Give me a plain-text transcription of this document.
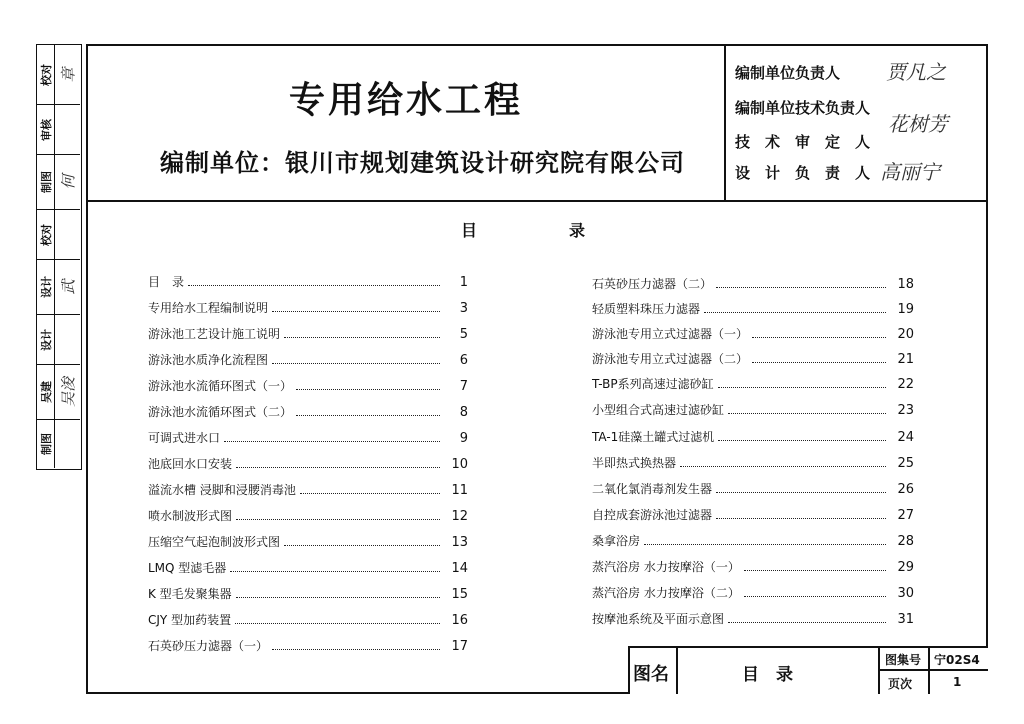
校对 章
审核
制图 何
校对
设计 武
设计
吴建 吴浚
制图
专用给水工程
编制单位：银川市规划建筑设计研究院有限公司
编制单位负责人 贾凡之
编制单位技术负责人
花树芳
技　术　审　定　人
设　计　负　责　人 高丽宁
目	录
目　录	1
专用给水工程编制说明	3
游泳池工艺设计施工说明	5
游泳池水质净化流程图	6
游泳池水流循环图式（一）	7
游泳池水流循环图式（二）	8
可调式进水口	9
池底回水口安装	10
溢流水槽 浸脚和浸腰消毒池	11
喷水制波形式图	12
压缩空气起泡制波形式图	13
LMQ 型滤毛器	14
K 型毛发聚集器	15
CJY 型加药装置	16
石英砂压力滤器（一）	17
石英砂压力滤器（二）	18
轻质塑料珠压力滤器	19
游泳池专用立式过滤器（一）	20
游泳池专用立式过滤器（二）	21
T-BP系列高速过滤砂缸	22
小型组合式高速过滤砂缸	23
TA-1硅藻土罐式过滤机	24
半即热式换热器	25
二氧化氯消毒剂发生器	26
自控成套游泳池过滤器	27
桑拿浴房	28
蒸汽浴房 水力按摩浴（一）	29
蒸汽浴房 水力按摩浴（二）	30
按摩池系统及平面示意图	31
图名	目　录
图集号 宁02S4
页次	1
